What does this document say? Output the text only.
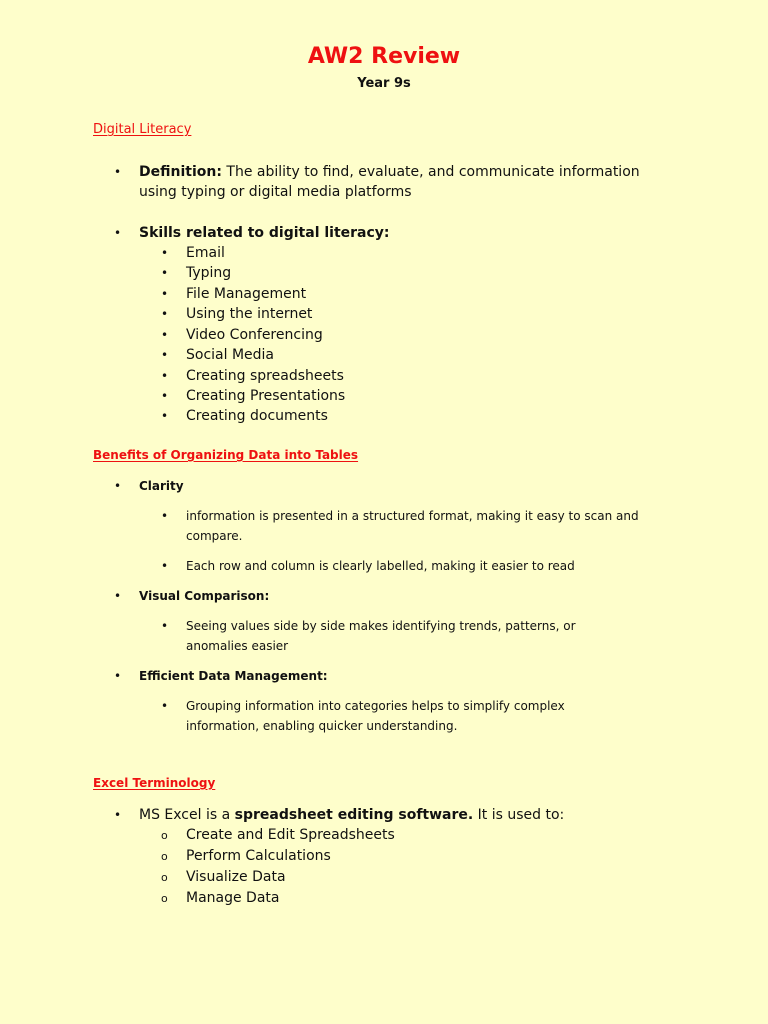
AW2 Review
Year 9s
Digital Literacy
• Definition: The ability to find, evaluate, and communicate information
using typing or digital media platforms
• Skills related to digital literacy:
• Email
• Typing
• File Management
• Using the internet
• Video Conferencing
• Social Media
• Creating spreadsheets
• Creating Presentations
• Creating documents
Benefits of Organizing Data into Tables
• Clarity
• information is presented in a structured format, making it easy to scan and compare.
• Each row and column is clearly labelled, making it easier to read
• Visual Comparison:
• Seeing values side by side makes identifying trends, patterns, or anomalies easier
• Efficient Data Management:
• Grouping information into categories helps to simplify complex information, enabling quicker understanding.
Excel Terminology
• MS Excel is a spreadsheet editing software. It is used to:
o Create and Edit Spreadsheets
o Perform Calculations
o Visualize Data
o Manage Data
